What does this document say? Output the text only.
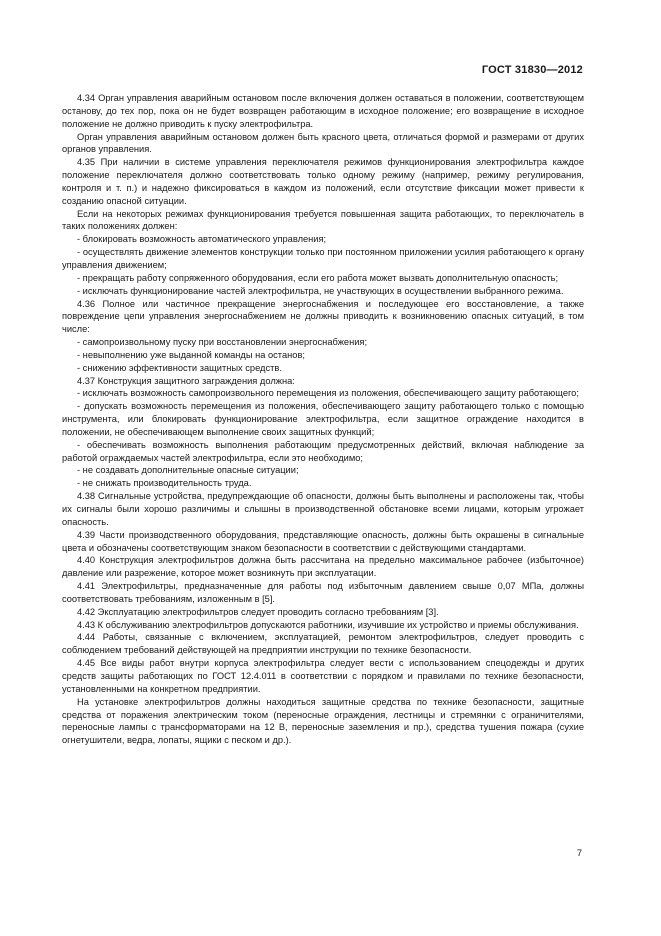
ГОСТ 31830—2012

4.34 Орган управления аварийным остановом после включения должен оставаться в положении, соответствующем останову, до тех пор, пока он не будет возвращен работающим в исходное положение; его возвращение в исходное положение не должно приводить к пуску электрофильтра.

Орган управления аварийным остановом должен быть красного цвета, отличаться формой и размерами от других органов управления.

4.35 При наличии в системе управления переключателя режимов функционирования электрофильтра каждое положение переключателя должно соответствовать только одному режиму (например, режиму регулирования, контроля и т. п.) и надежно фиксироваться в каждом из положений, если отсутствие фиксации может привести к созданию опасной ситуации.

Если на некоторых режимах функционирования требуется повышенная защита работающих, то переключатель в таких положениях должен:

- блокировать возможность автоматического управления;

- осуществлять движение элементов конструкции только при постоянном приложении усилия работающего к органу управления движением;

- прекращать работу сопряженного оборудования, если его работа может вызвать дополнительную опасность;

- исключать функционирование частей электрофильтра, не участвующих в осуществлении выбранного режима.

4.36 Полное или частичное прекращение энергоснабжения и последующее его восстановление, а также повреждение цепи управления энергоснабжением не должны приводить к возникновению опасных ситуаций, в том числе:

- самопроизвольному пуску при восстановлении энергоснабжения;

- невыполнению уже выданной команды на останов;

- снижению эффективности защитных средств.

4.37 Конструкция защитного заграждения должна:

- исключать возможность самопроизвольного перемещения из положения, обеспечивающего защиту работающего;

- допускать возможность перемещения из положения, обеспечивающего защиту работающего только с помощью инструмента, или блокировать функционирование электрофильтра, если защитное ограждение находится в положении, не обеспечивающем выполнение своих защитных функций;

- обеспечивать возможность выполнения работающим предусмотренных действий, включая наблюдение за работой ограждаемых частей электрофильтра, если это необходимо;

- не создавать дополнительные опасные ситуации;

- не снижать производительность труда.

4.38 Сигнальные устройства, предупреждающие об опасности, должны быть выполнены и расположены так, чтобы их сигналы были хорошо различимы и слышны в производственной обстановке всеми лицами, которым угрожает опасность.

4.39 Части производственного оборудования, представляющие опасность, должны быть окрашены в сигнальные цвета и обозначены соответствующим знаком безопасности в соответствии с действующими стандартами.

4.40 Конструкция электрофильтров должна быть рассчитана на предельно максимальное рабочее (избыточное) давление или разрежение, которое может возникнуть при эксплуатации.

4.41 Электрофильтры, предназначенные для работы под избыточным давлением свыше 0,07 МПа, должны соответствовать требованиям, изложенным в [5].

4.42 Эксплуатацию электрофильтров следует проводить согласно требованиям [3].

4.43 К обслуживанию электрофильтров допускаются работники, изучившие их устройство и приемы обслуживания.

4.44 Работы, связанные с включением, эксплуатацией, ремонтом электрофильтров, следует проводить с соблюдением требований действующей на предприятии инструкции по технике безопасности.

4.45 Все виды работ внутри корпуса электрофильтра следует вести с использованием спецодежды и других средств защиты работающих по ГОСТ 12.4.011 в соответствии с порядком и правилами по технике безопасности, установленными на конкретном предприятии.

На установке электрофильтров должны находиться защитные средства по технике безопасности, защитные средства от поражения электрическим током (переносные ограждения, лестницы и стремянки с ограничителями, переносные лампы с трансформаторами на 12 В, переносные заземления и пр.), средства тушения пожара (сухие огнетушители, ведра, лопаты, ящики с песком и др.).

7
